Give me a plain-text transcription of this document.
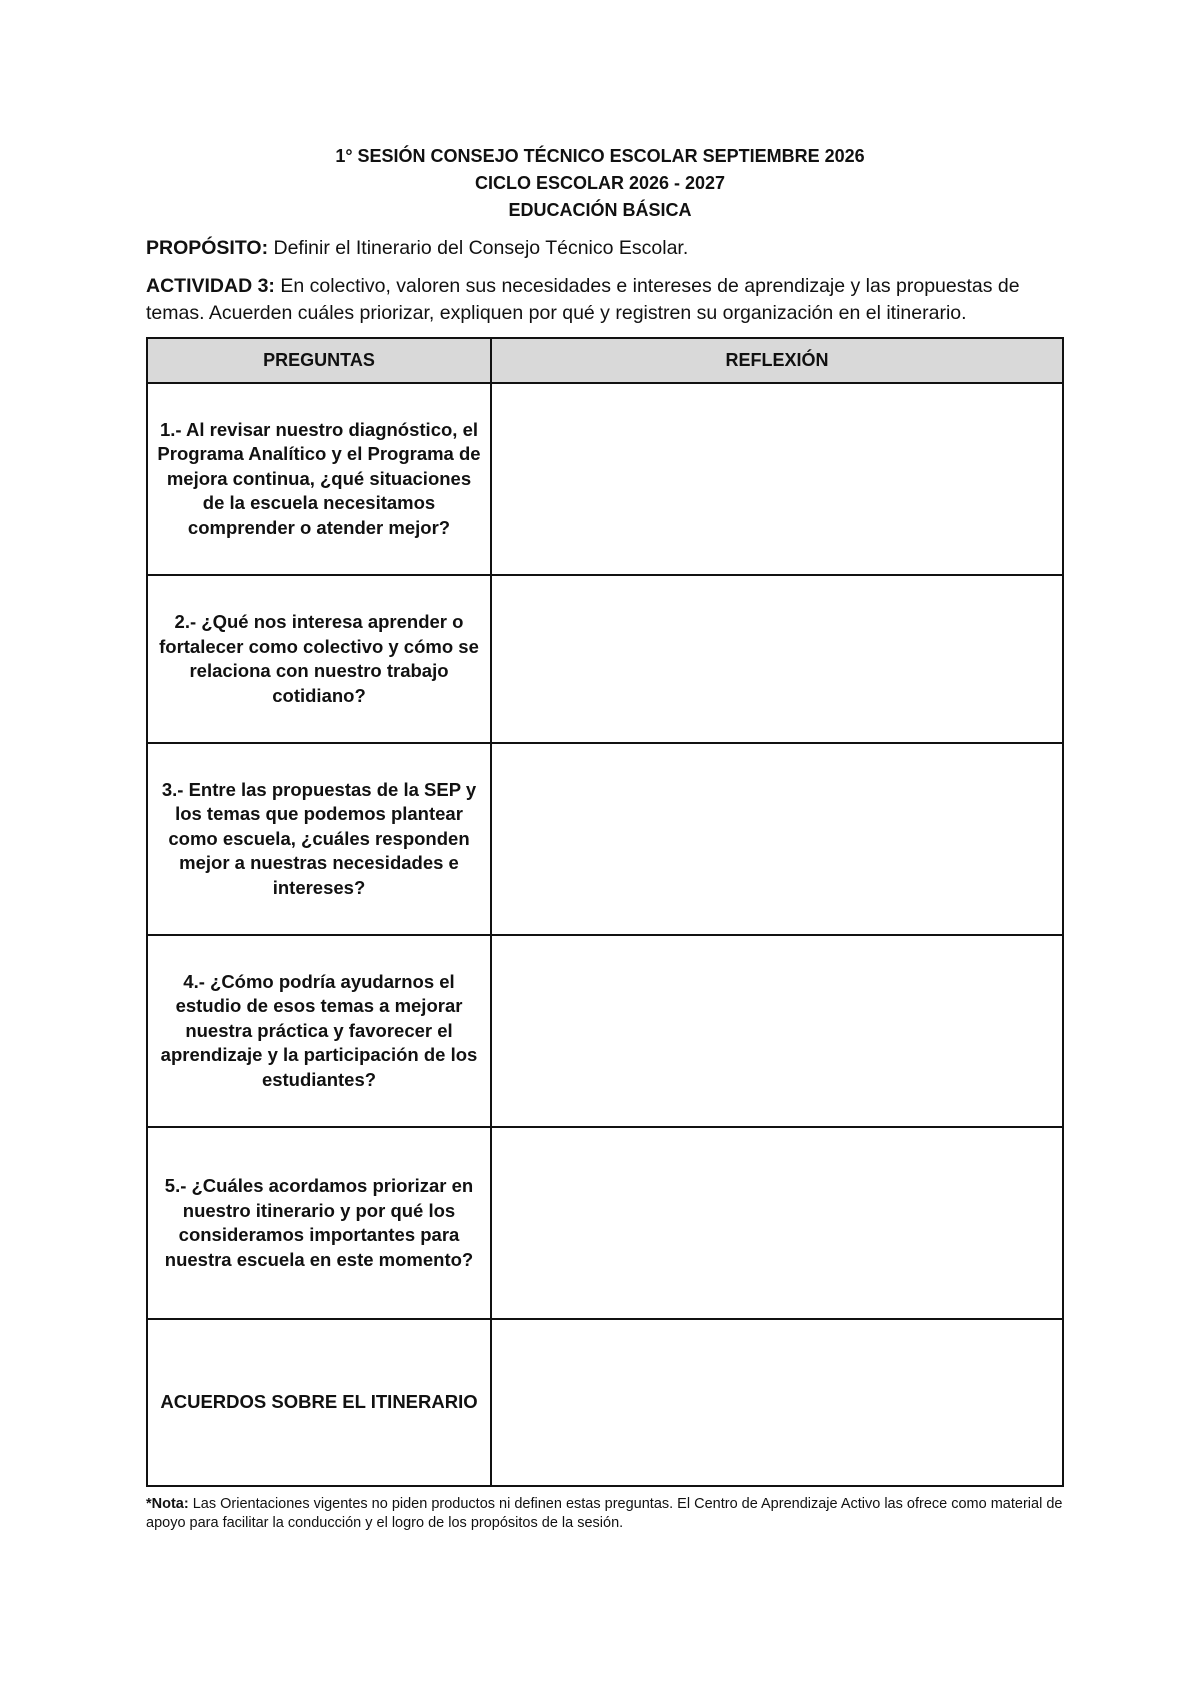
1° SESIÓN CONSEJO TÉCNICO ESCOLAR SEPTIEMBRE 2026
CICLO ESCOLAR 2026 - 2027
EDUCACIÓN BÁSICA
PROPÓSITO: Definir el Itinerario del Consejo Técnico Escolar.
ACTIVIDAD 3: En colectivo, valoren sus necesidades e intereses de aprendizaje y las propuestas de temas. Acuerden cuáles priorizar, expliquen por qué y registren su organización en el itinerario.
PREGUNTAS	REFLEXIÓN
1.- Al revisar nuestro diagnóstico, el Programa Analítico y el Programa de mejora continua, ¿qué situaciones de la escuela necesitamos comprender o atender mejor?	
2.- ¿Qué nos interesa aprender o fortalecer como colectivo y cómo se relaciona con nuestro trabajo cotidiano?	
3.- Entre las propuestas de la SEP y los temas que podemos plantear como escuela, ¿cuáles responden mejor a nuestras necesidades e intereses?	
4.- ¿Cómo podría ayudarnos el estudio de esos temas a mejorar nuestra práctica y favorecer el aprendizaje y la participación de los estudiantes?	
5.- ¿Cuáles acordamos priorizar en nuestro itinerario y por qué los consideramos importantes para nuestra escuela en este momento?	
ACUERDOS SOBRE EL ITINERARIO	
*Nota: Las Orientaciones vigentes no piden productos ni definen estas preguntas. El Centro de Aprendizaje Activo las ofrece como material de apoyo para facilitar la conducción y el logro de los propósitos de la sesión.
